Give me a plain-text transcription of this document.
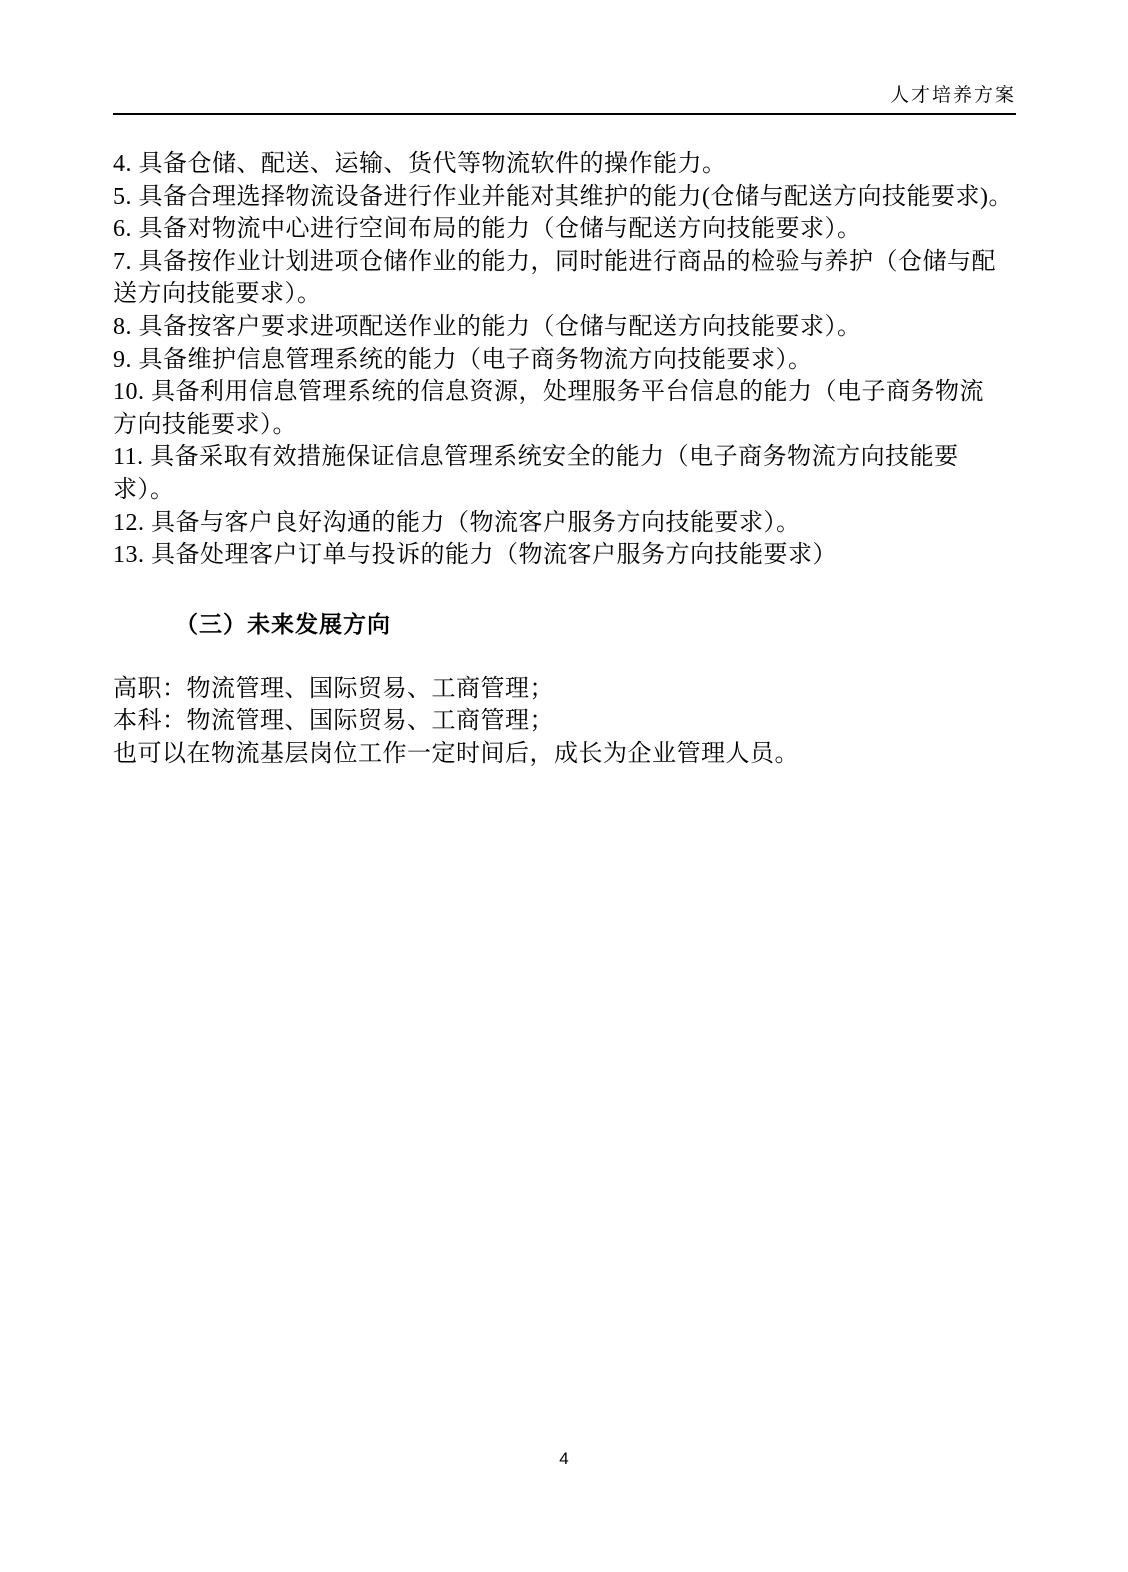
人才培养方案
4. 具备仓储、配送、运输、货代等物流软件的操作能力。
5. 具备合理选择物流设备进行作业并能对其维护的能力(仓储与配送方向技能要求)。
6. 具备对物流中心进行空间布局的能力（仓储与配送方向技能要求）。
7. 具备按作业计划进项仓储作业的能力，同时能进行商品的检验与养护（仓储与配
送方向技能要求）。
8. 具备按客户要求进项配送作业的能力（仓储与配送方向技能要求）。
9. 具备维护信息管理系统的能力（电子商务物流方向技能要求）。
10. 具备利用信息管理系统的信息资源，处理服务平台信息的能力（电子商务物流
方向技能要求）。
11. 具备采取有效措施保证信息管理系统安全的能力（电子商务物流方向技能要
求）。
12. 具备与客户良好沟通的能力（物流客户服务方向技能要求）。
13. 具备处理客户订单与投诉的能力（物流客户服务方向技能要求）
（三）未来发展方向
高职：物流管理、国际贸易、工商管理；
本科：物流管理、国际贸易、工商管理；
也可以在物流基层岗位工作一定时间后，成长为企业管理人员。
4
